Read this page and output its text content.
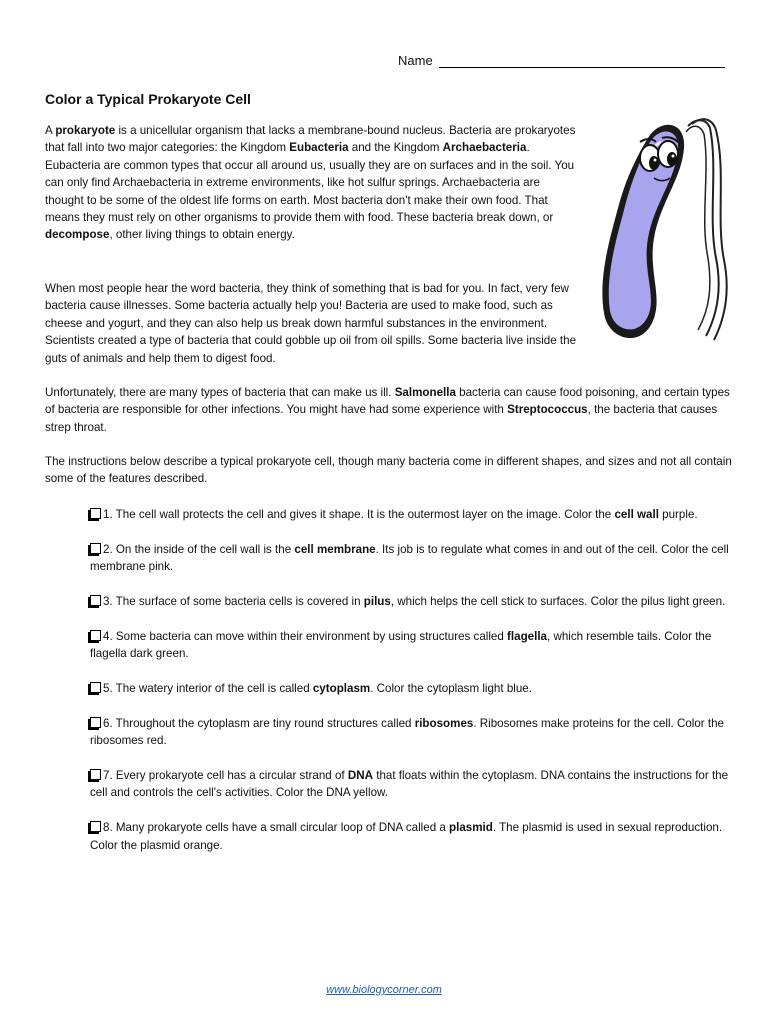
Name
Color a Typical Prokaryote Cell

A prokaryote is a unicellular organism that lacks a membrane-bound nucleus. Bacteria are prokaryotes that fall into two major categories: the Kingdom Eubacteria and the Kingdom Archaebacteria. Eubacteria are common types that occur all around us, usually they are on surfaces and in the soil. You can only find Archaebacteria in extreme environments, like hot sulfur springs. Archaebacteria are thought to be some of the oldest life forms on earth. Most bacteria don't make their own food. That means they must rely on other organisms to provide them with food. These bacteria break down, or decompose, other living things to obtain energy.

When most people hear the word bacteria, they think of something that is bad for you. In fact, very few bacteria cause illnesses. Some bacteria actually help you! Bacteria are used to make food, such as cheese and yogurt, and they can also help us break down harmful substances in the environment. Scientists created a type of bacteria that could gobble up oil from oil spills. Some bacteria live inside the guts of animals and help them to digest food.

Unfortunately, there are many types of bacteria that can make us ill. Salmonella bacteria can cause food poisoning, and certain types of bacteria are responsible for other infections. You might have had some experience with Streptococcus, the bacteria that causes strep throat.

The instructions below describe a typical prokaryote cell, though many bacteria come in different shapes, and sizes and not all contain some of the features described.

1. The cell wall protects the cell and gives it shape. It is the outermost layer on the image. Color the cell wall purple.

2. On the inside of the cell wall is the cell membrane. Its job is to regulate what comes in and out of the cell. Color the cell membrane pink.

3. The surface of some bacteria cells is covered in pilus, which helps the cell stick to surfaces. Color the pilus light green.

4. Some bacteria can move within their environment by using structures called flagella, which resemble tails. Color the flagella dark green.

5. The watery interior of the cell is called cytoplasm. Color the cytoplasm light blue.

6. Throughout the cytoplasm are tiny round structures called ribosomes. Ribosomes make proteins for the cell. Color the ribosomes red.

7. Every prokaryote cell has a circular strand of DNA that floats within the cytoplasm. DNA contains the instructions for the cell and controls the cell's activities. Color the DNA yellow.

8. Many prokaryote cells have a small circular loop of DNA called a plasmid. The plasmid is used in sexual reproduction. Color the plasmid orange.

www.biologycorner.com
